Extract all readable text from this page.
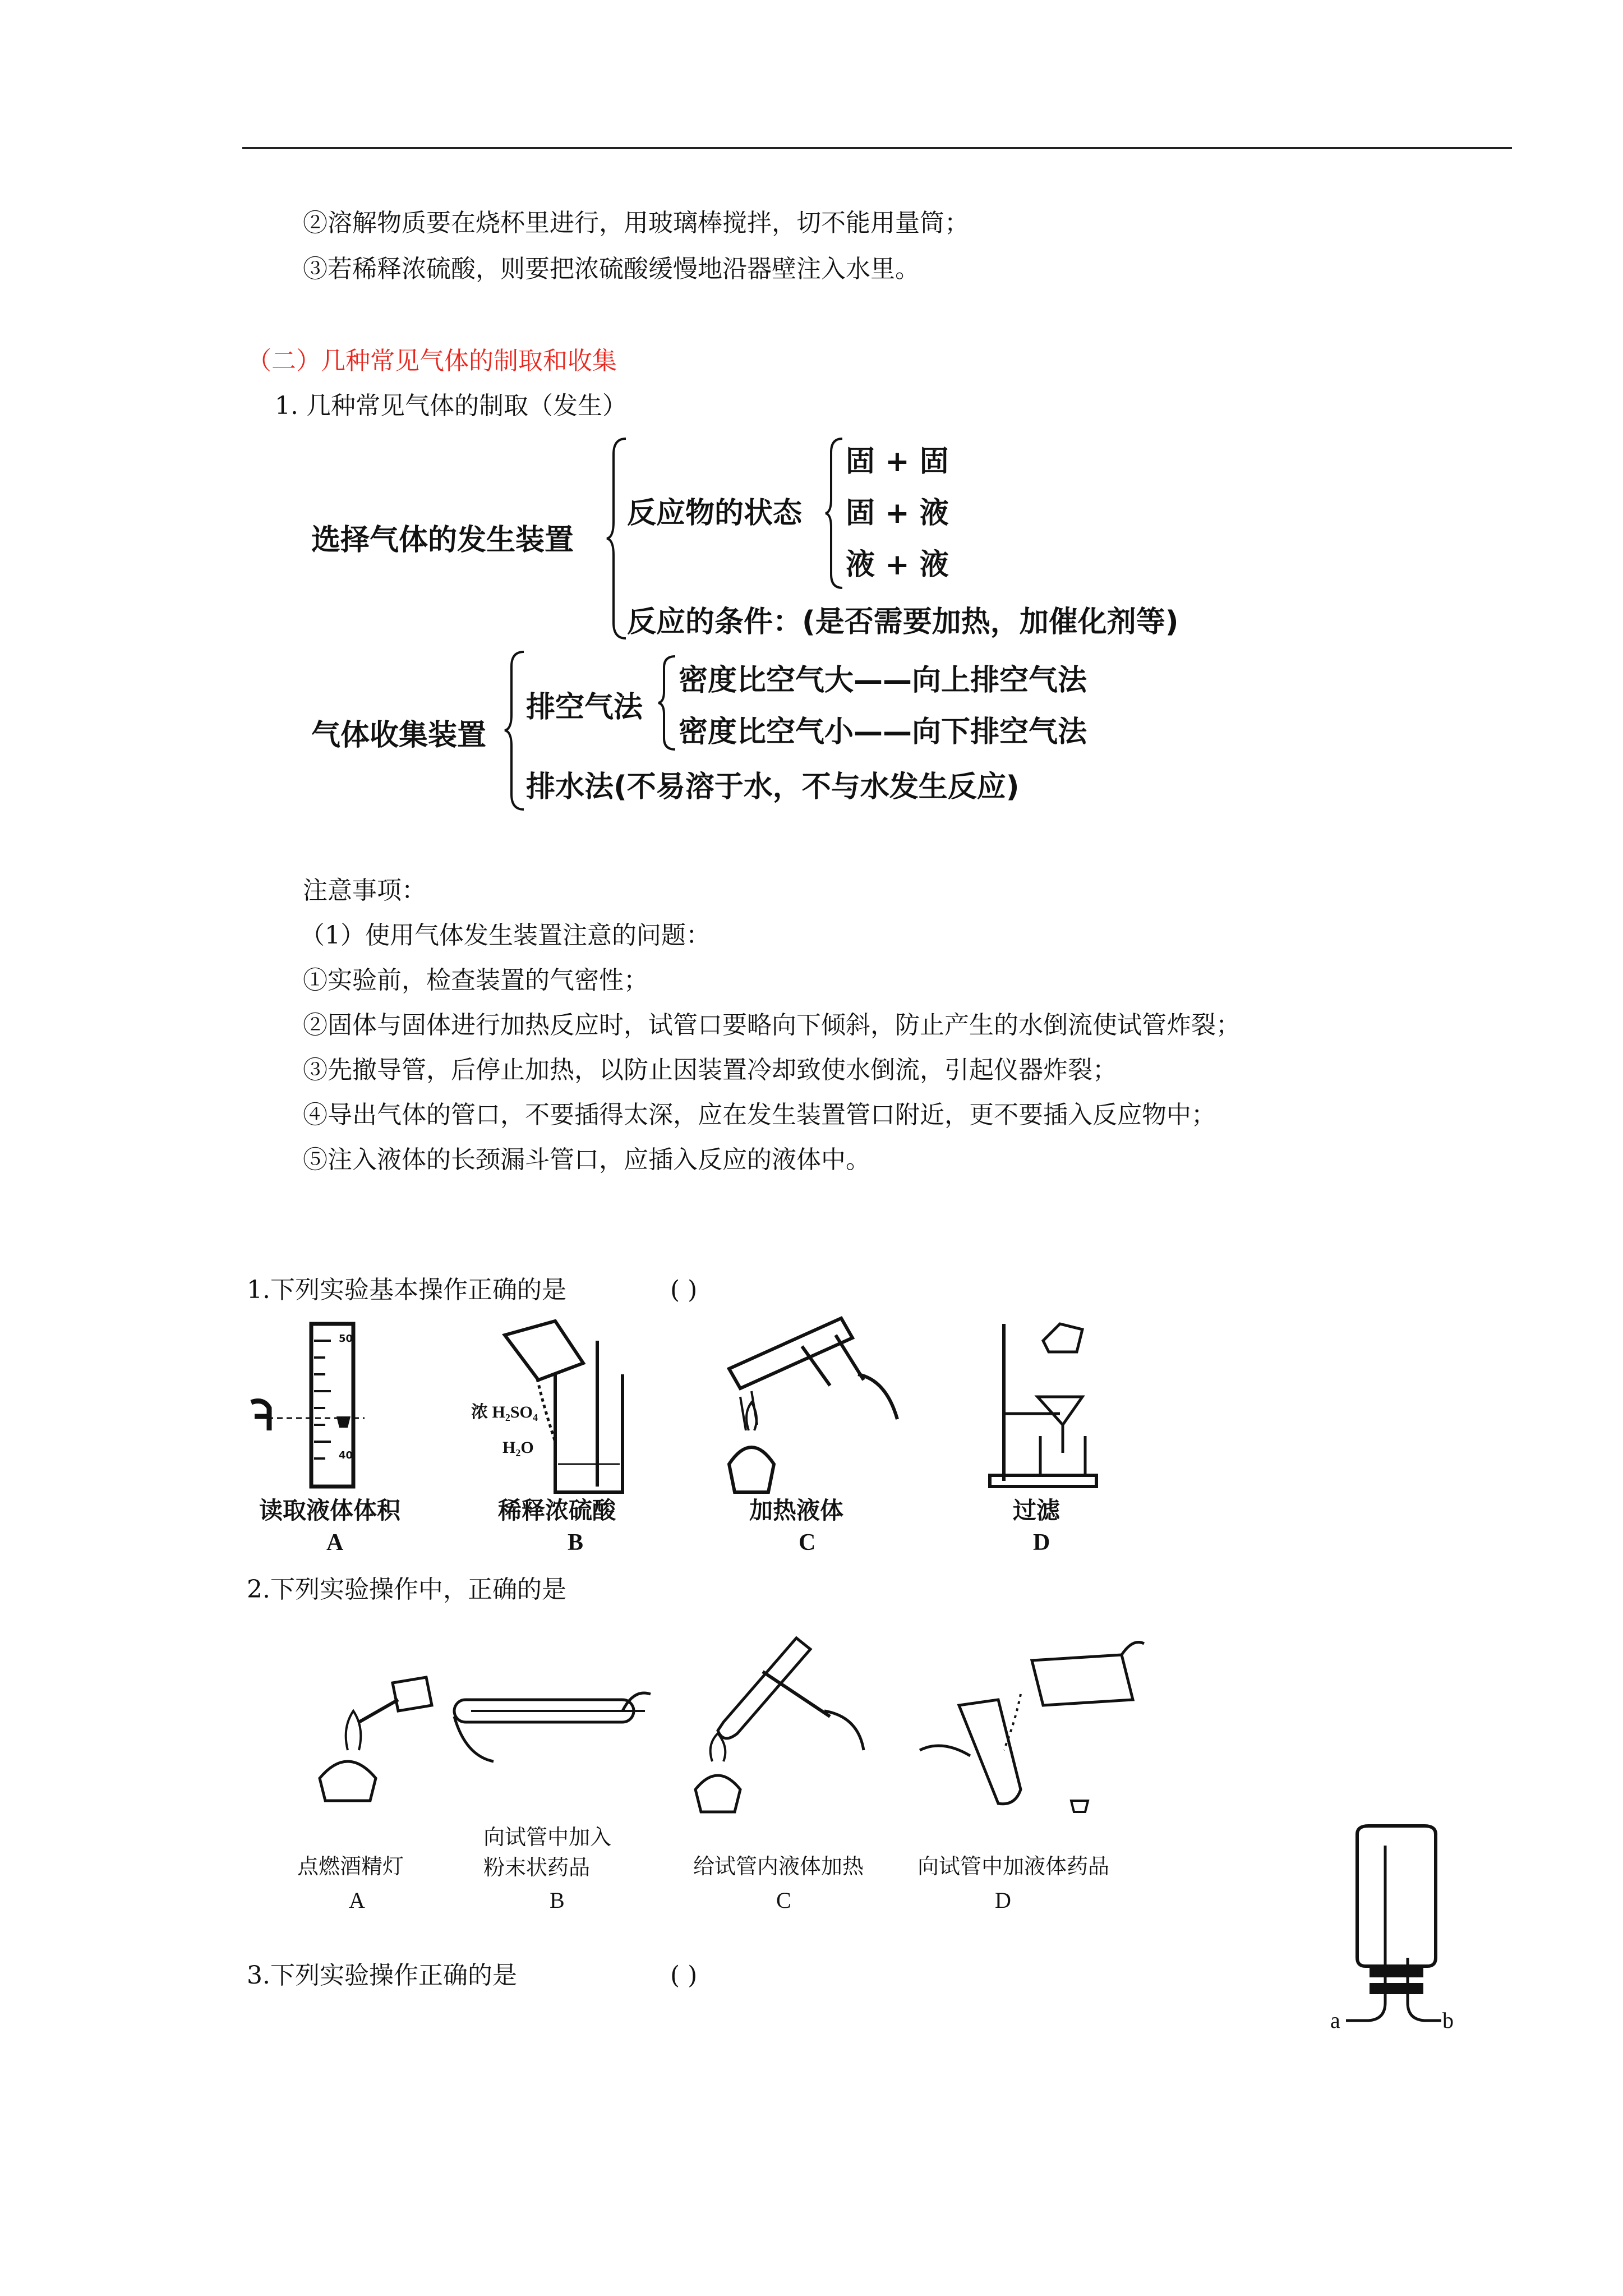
②溶解物质要在烧杯里进行，用玻璃棒搅拌，切不能用量筒；
③若稀释浓硫酸，则要把浓硫酸缓慢地沿器壁注入水里。
（二）几种常见气体的制取和收集
1. 几种常见气体的制取（发生）
选择气体的发生装置
反应物的状态
固 + 固
固 + 液
液 + 液
反应的条件：(是否需要加热，加催化剂等)
气体收集装置
排空气法
密度比空气大——向上排空气法
密度比空气小——向下排空气法
排水法(不易溶于水，不与水发生反应)
注意事项：
（1）使用气体发生装置注意的问题：
①实验前，检查装置的气密性；
②固体与固体进行加热反应时，试管口要略向下倾斜，防止产生的水倒流使试管炸裂；
③先撤导管，后停止加热，以防止因装置冷却致使水倒流，引起仪器炸裂；
④导出气体的管口，不要插得太深，应在发生装置管口附近，更不要插入反应物中；
⑤注入液体的长颈漏斗管口，应插入反应的液体中。
1.下列实验基本操作正确的是	( )
50
40
浓 H₂SO₄
H₂O
读取液体体积	稀释浓硫酸	加热液体	过滤
A	B	C	D
2.下列实验操作中，正确的是
点燃酒精灯
向试管中加入
粉末状药品	给试管内液体加热	向试管中加液体药品
A	B	C	D
3.下列实验操作正确的是	( )
a	b
